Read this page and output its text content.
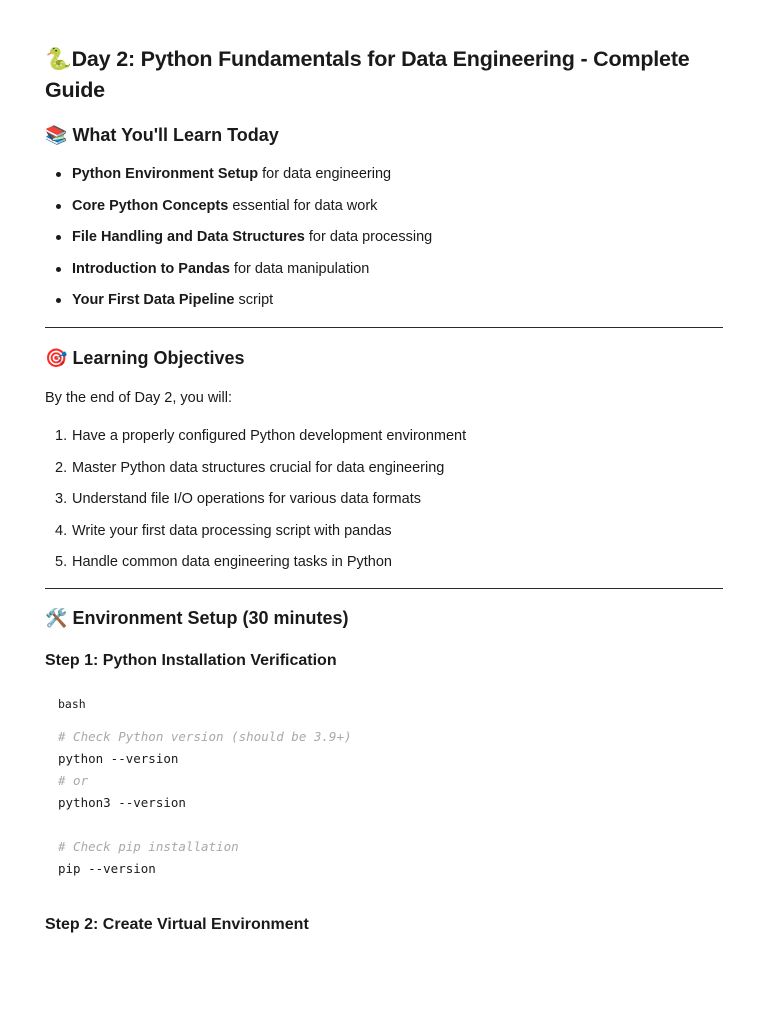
🐍Day 2: Python Fundamentals for Data Engineering - Complete Guide
📚 What You'll Learn Today
Python Environment Setup for data engineering
Core Python Concepts essential for data work
File Handling and Data Structures for data processing
Introduction to Pandas for data manipulation
Your First Data Pipeline script
🎯 Learning Objectives

By the end of Day 2, you will:

1. Have a properly configured Python development environment
2. Master Python data structures crucial for data engineering
3. Understand file I/O operations for various data formats
4. Write your first data processing script with pandas
5. Handle common data engineering tasks in Python
🛠️ Environment Setup (30 minutes)
Step 1: Python Installation Verification
bash
# Check Python version (should be 3.9+)
python --version
# or
python3 --version
# Check pip installation
pip --version
Step 2: Create Virtual Environment
